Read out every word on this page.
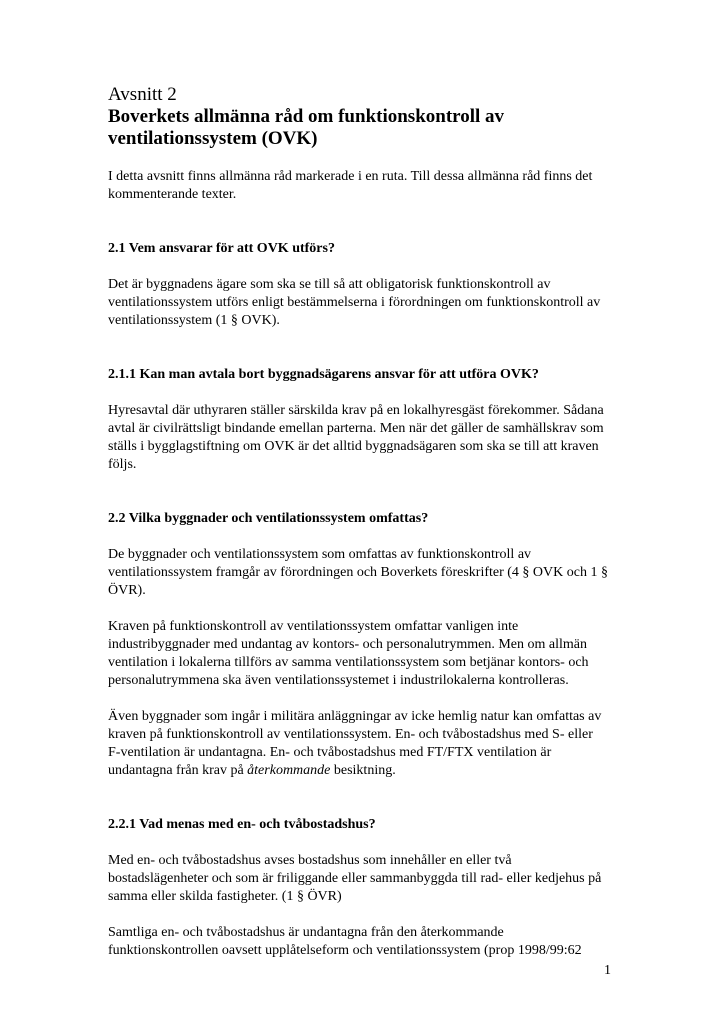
Avsnitt 2
Boverkets allmänna råd om funktionskontroll av ventilationssystem (OVK)

I detta avsnitt finns allmänna råd markerade i en ruta. Till dessa allmänna råd finns det kommenterande texter.

2.1 Vem ansvarar för att OVK utförs?

Det är byggnadens ägare som ska se till så att obligatorisk funktionskontroll av ventilationssystem utförs enligt bestämmelserna i förordningen om funktionskontroll av ventilationssystem (1 § OVK).

2.1.1 Kan man avtala bort byggnadsägarens ansvar för att utföra OVK?

Hyresavtal där uthyraren ställer särskilda krav på en lokalhyresgäst förekommer. Sådana avtal är civilrättsligt bindande emellan parterna. Men när det gäller de samhällskrav som ställs i bygglagstiftning om OVK är det alltid byggnadsägaren som ska se till att kraven följs.

2.2 Vilka byggnader och ventilationssystem omfattas?

De byggnader och ventilationssystem som omfattas av funktionskontroll av ventilationssystem framgår av förordningen och Boverkets föreskrifter (4 § OVK och 1 § ÖVR).

Kraven på funktionskontroll av ventilationssystem omfattar vanligen inte industribyggnader med undantag av kontors- och personalutrymmen. Men om allmän ventilation i lokalerna tillförs av samma ventilationssystem som betjänar kontors- och personalutrymmena ska även ventilationssystemet i industrilokalerna kontrolleras.

Även byggnader som ingår i militära anläggningar av icke hemlig natur kan omfattas av kraven på funktionskontroll av ventilationssystem. En- och tvåbostadshus med S- eller F-ventilation är undantagna. En- och tvåbostadshus med FT/FTX ventilation är undantagna från krav på återkommande besiktning.

2.2.1 Vad menas med en- och tvåbostadshus?

Med en- och tvåbostadshus avses bostadshus som innehåller en eller två bostadslägenheter och som är friliggande eller sammanbyggda till rad- eller kedjehus på samma eller skilda fastigheter. (1 § ÖVR)

Samtliga en- och tvåbostadshus är undantagna från den återkommande funktionskontrollen oavsett upplåtelseform och ventilationssystem (prop 1998/99:62

1
